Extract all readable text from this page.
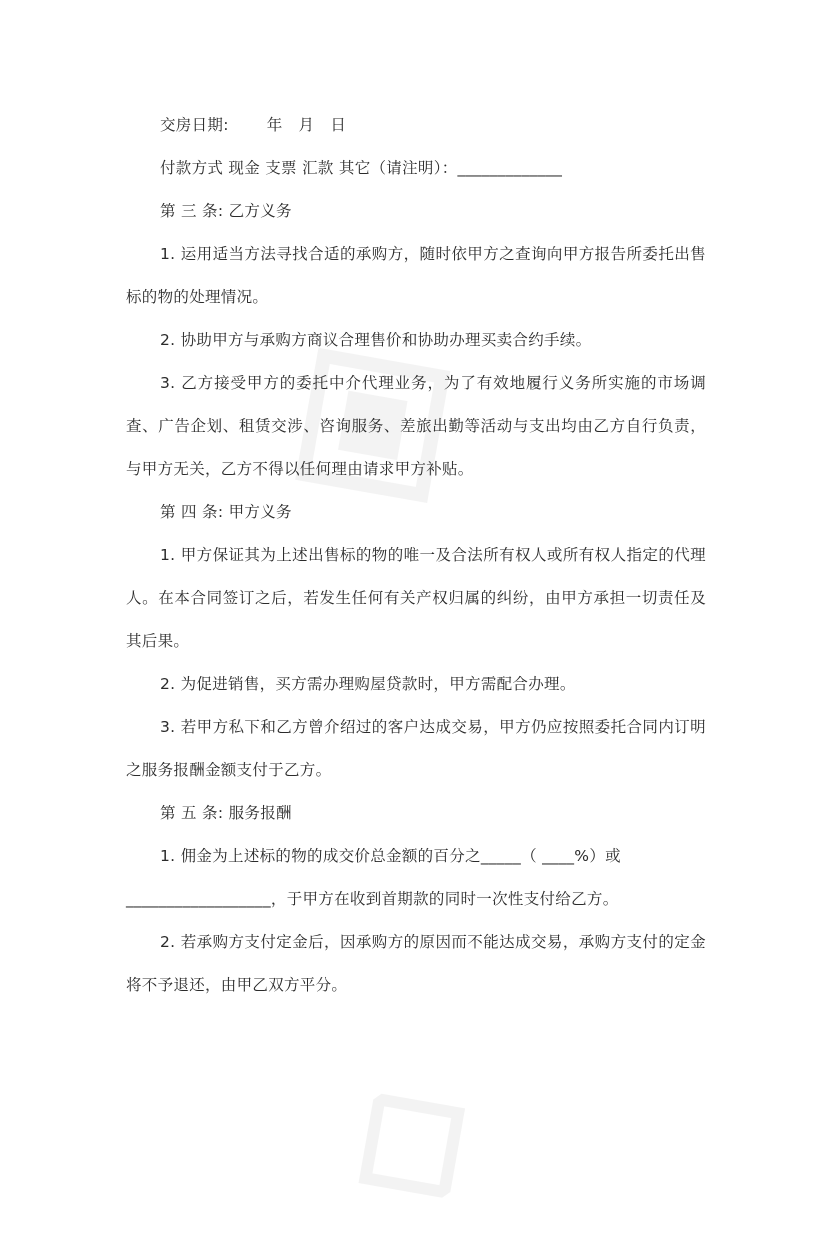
交房日期: 年 月 日

付款方式 现金 支票 汇款 其它（请注明）：_____________

第 三 条: 乙方义务

1. 运用适当方法寻找合适的承购方，随时依甲方之查询向甲方报告所委托出售标的物的处理情况。

2. 协助甲方与承购方商议合理售价和协助办理买卖合约手续。

3. 乙方接受甲方的委托中介代理业务，为了有效地履行义务所实施的市场调查、广告企划、租赁交涉、咨询服务、差旅出勤等活动与支出均由乙方自行负责，与甲方无关，乙方不得以任何理由请求甲方补贴。

第 四 条: 甲方义务

1. 甲方保证其为上述出售标的物的唯一及合法所有权人或所有权人指定的代理人。在本合同签订之后，若发生任何有关产权归属的纠纷，由甲方承担一切责任及其后果。

2. 为促进销售，买方需办理购屋贷款时，甲方需配合办理。

3. 若甲方私下和乙方曾介绍过的客户达成交易，甲方仍应按照委托合同内订明之服务报酬金额支付于乙方。

第 五 条: 服务报酬

1. 佣金为上述标的物的成交价总金额的百分之_____（ ____%）或

__________________，于甲方在收到首期款的同时一次性支付给乙方。

2. 若承购方支付定金后，因承购方的原因而不能达成交易，承购方支付的定金将不予退还，由甲乙双方平分。
